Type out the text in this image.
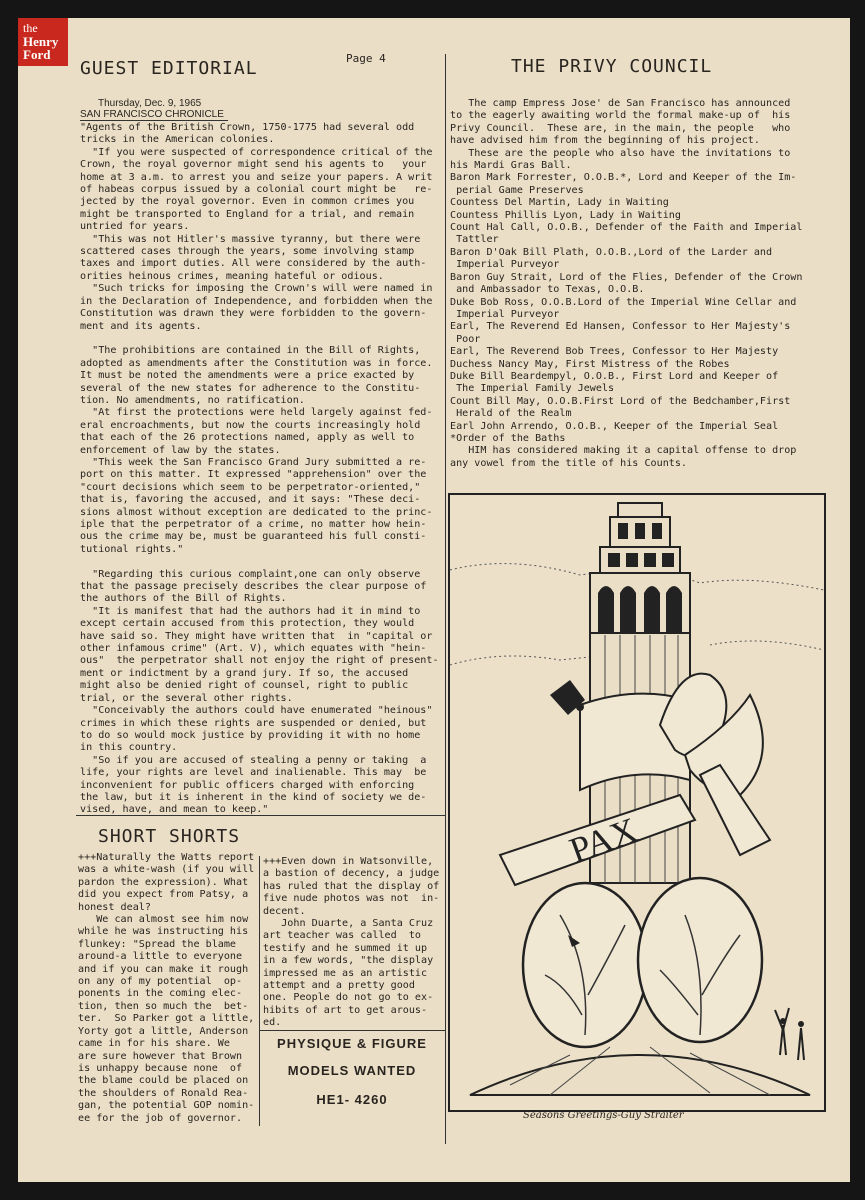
the
Henry
Ford	Page 4
GUEST EDITORIAL
Thursday, Dec. 9, 1965
SAN FRANCISCO CHRONICLE
"Agents of the British Crown, 1750-1775 had several odd
tricks in the American colonies.
"If you were suspected of correspondence critical of the
Crown, the royal governor might send his agents to   your
home at 3 a.m. to arrest you and seize your papers. A writ
of habeas corpus issued by a colonial court might be   re-
jected by the royal governor. Even in common crimes you
might be transported to England for a trial, and remain
untried for years.
"This was not Hitler's massive tyranny, but there were
scattered cases through the years, some involving stamp
taxes and import duties. All were considered by the auth-
orities heinous crimes, meaning hateful or odious.
"Such tricks for imposing the Crown's will were named in
in the Declaration of Independence, and forbidden when the
Constitution was drawn they were forbidden to the govern-
ment and its agents.

"The prohibitions are contained in the Bill of Rights,
adopted as amendments after the Constitution was in force.
It must be noted the amendments were a price exacted by
several of the new states for adherence to the Constitu-
tion. No amendments, no ratification.
"At first the protections were held largely against fed-
eral encroachments, but now the courts increasingly hold
that each of the 26 protections named, apply as well to
enforcement of law by the states.
"This week the San Francisco Grand Jury submitted a re-
port on this matter. It expressed "apprehension" over the
"court decisions which seem to be perpetrator-oriented,"
that is, favoring the accused, and it says: "These deci-
sions almost without exception are dedicated to the princ-
iple that the perpetrator of a crime, no matter how hein-
ous the crime may be, must be guaranteed his full consti-
tutional rights."

"Regarding this curious complaint,one can only observe
that the passage precisely describes the clear purpose of
the authors of the Bill of Rights.
"It is manifest that had the authors had it in mind to
except certain accused from this protection, they would
have said so. They might have written that  in "capital or
other infamous crime" (Art. V), which equates with "hein-
ous"  the perpetrator shall not enjoy the right of present-
ment or indictment by a grand jury. If so, the accused
might also be denied right of counsel, right to public
trial, or the several other rights.
"Conceivably the authors could have enumerated "heinous"
crimes in which these rights are suspended or denied, but
to do so would mock justice by providing it with no home
in this country.
"So if you are accused of stealing a penny or taking  a
life, your rights are level and inalienable. This may  be
inconvenient for public officers charged with enforcing
the law, but it is inherent in the kind of society we de-
vised, have, and mean to keep."
THE PRIVY COUNCIL
The camp Empress Jose' de San Francisco has announced
to the eagerly awaiting world the formal make-up of  his
Privy Council.  These are, in the main, the people   who
have advised him from the beginning of his project.
These are the people who also have the invitations to
his Mardi Gras Ball.
Baron Mark Forrester, O.O.B.*, Lord and Keeper of the Im-
perial Game Preserves
Countess Del Martin, Lady in Waiting
Countess Phillis Lyon, Lady in Waiting
Count Hal Call, O.O.B., Defender of the Faith and Imperial
Tattler
Baron D'Oak Bill Plath, O.O.B.,Lord of the Larder and
Imperial Purveyor
Baron Guy Strait, Lord of the Flies, Defender of the Crown
and Ambassador to Texas, O.O.B.
Duke Bob Ross, O.O.B.Lord of the Imperial Wine Cellar and
Imperial Purveyor
Earl, The Reverend Ed Hansen, Confessor to Her Majesty's
Poor
Earl, The Reverend Bob Trees, Confessor to Her Majesty
Duchess Nancy May, First Mistress of the Robes
Duke Bill Beardempyl, O.O.B., First Lord and Keeper of
The Imperial Family Jewels
Count Bill May, O.O.B.First Lord of the Bedchamber,First
Herald of the Realm
Earl John Arrendo, O.O.B., Keeper of the Imperial Seal
*Order of the Baths
HIM has considered making it a capital offense to drop
any vowel from the title of his Counts.
SHORT SHORTS
+++Naturally the Watts report
was a white-wash (if you will
pardon the expression). What
did you expect from Patsy, a
honest deal?
We can almost see him now
while he was instructing his
flunkey: "Spread the blame
around-a little to everyone
and if you can make it rough
on any of my potential  op-
ponents in the coming elec-
tion, then so much the  bet-
ter.  So Parker got a little,
Yorty got a little, Anderson
came in for his share. We
are sure however that Brown
is unhappy because none  of
the blame could be placed on
the shoulders of Ronald Rea-
gan, the potential GOP nomin-
ee for the job of governor.
+++Even down in Watsonville,
a bastion of decency, a judge
has ruled that the display of
five nude photos was not  in-
decent.
John Duarte, a Santa Cruz
art teacher was called  to
testify and he summed it up
in a few words, "the display
impressed me as an artistic
attempt and a pretty good
one. People do not go to ex-
hibits of art to get arous-
ed.
PHYSIQUE & FIGURE
MODELS WANTED
HE1- 4260
PAX
Seasons Greetings-Guy Straiter
